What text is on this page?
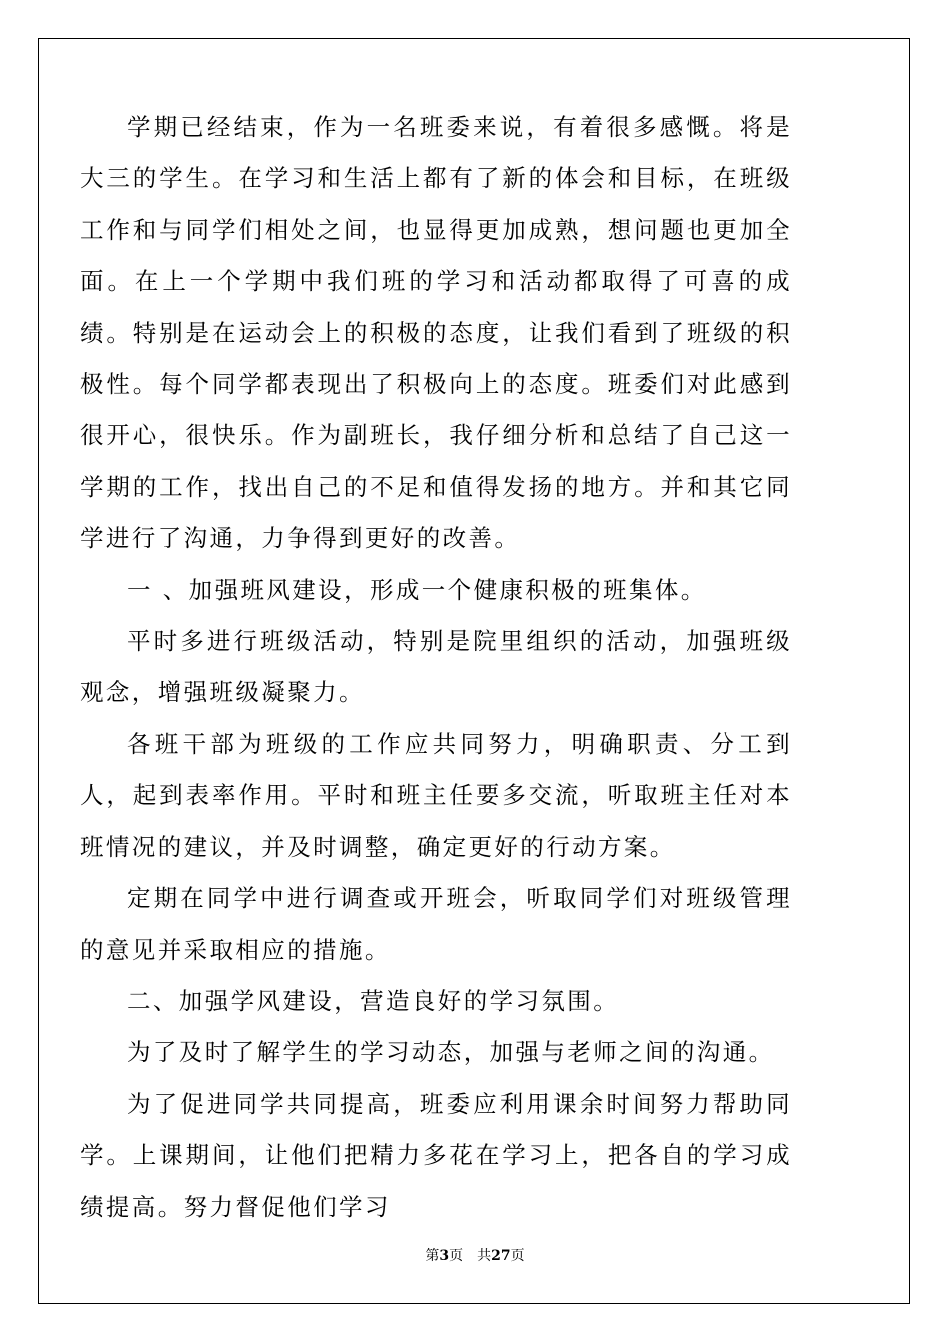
学期已经结束，作为一名班委来说，有着很多感慨。将是大三的学生。在学习和生活上都有了新的体会和目标，在班级工作和与同学们相处之间，也显得更加成熟，想问题也更加全面。在上一个学期中我们班的学习和活动都取得了可喜的成绩。特别是在运动会上的积极的态度，让我们看到了班级的积极性。每个同学都表现出了积极向上的态度。班委们对此感到很开心，很快乐。作为副班长，我仔细分析和总结了自己这一学期的工作，找出自己的不足和值得发扬的地方。并和其它同学进行了沟通，力争得到更好的改善。

一 、加强班风建设，形成一个健康积极的班集体。

平时多进行班级活动，特别是院里组织的活动，加强班级观念，增强班级凝聚力。

各班干部为班级的工作应共同努力，明确职责、分工到人，起到表率作用。平时和班主任要多交流，听取班主任对本班情况的建议，并及时调整，确定更好的行动方案。

定期在同学中进行调查或开班会，听取同学们对班级管理的意见并采取相应的措施。

二、加强学风建设，营造良好的学习氛围。

为了及时了解学生的学习动态，加强与老师之间的沟通。

为了促进同学共同提高，班委应利用课余时间努力帮助同学。上课期间，让他们把精力多花在学习上，把各自的学习成绩提高。努力督促他们学习

第3页 共27页
